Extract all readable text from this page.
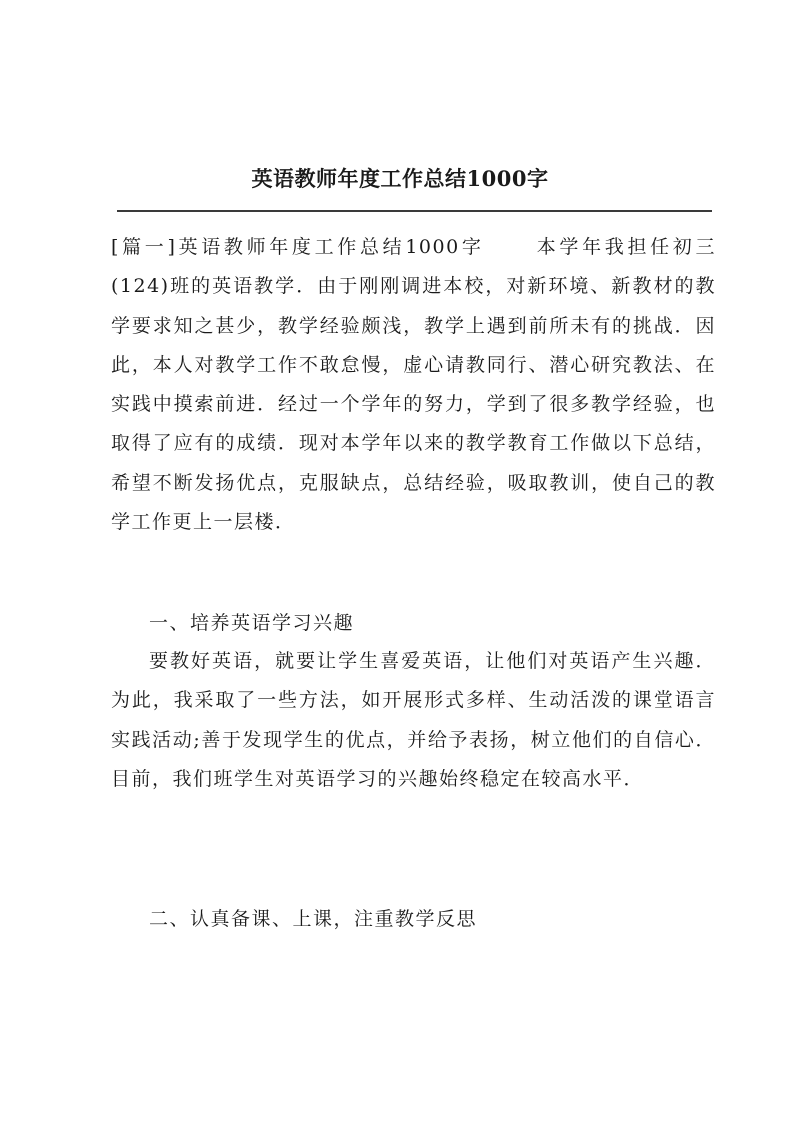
英语教师年度工作总结1000字

[篇一]英语教师年度工作总结1000字	本学年我担任初三(124)班的英语教学．由于刚刚调进本校，对新环境、新教材的教学要求知之甚少，教学经验颇浅，教学上遇到前所未有的挑战．因此，本人对教学工作不敢怠慢，虚心请教同行、潜心研究教法、在实践中摸索前进．经过一个学年的努力，学到了很多教学经验，也取得了应有的成绩．现对本学年以来的教学教育工作做以下总结，希望不断发扬优点，克服缺点，总结经验，吸取教训，使自己的教学工作更上一层楼．

一、培养英语学习兴趣

要教好英语，就要让学生喜爱英语，让他们对英语产生兴趣．为此，我采取了一些方法，如开展形式多样、生动活泼的课堂语言实践活动;善于发现学生的优点，并给予表扬，树立他们的自信心．目前，我们班学生对英语学习的兴趣始终稳定在较高水平．

二、认真备课、上课，注重教学反思
